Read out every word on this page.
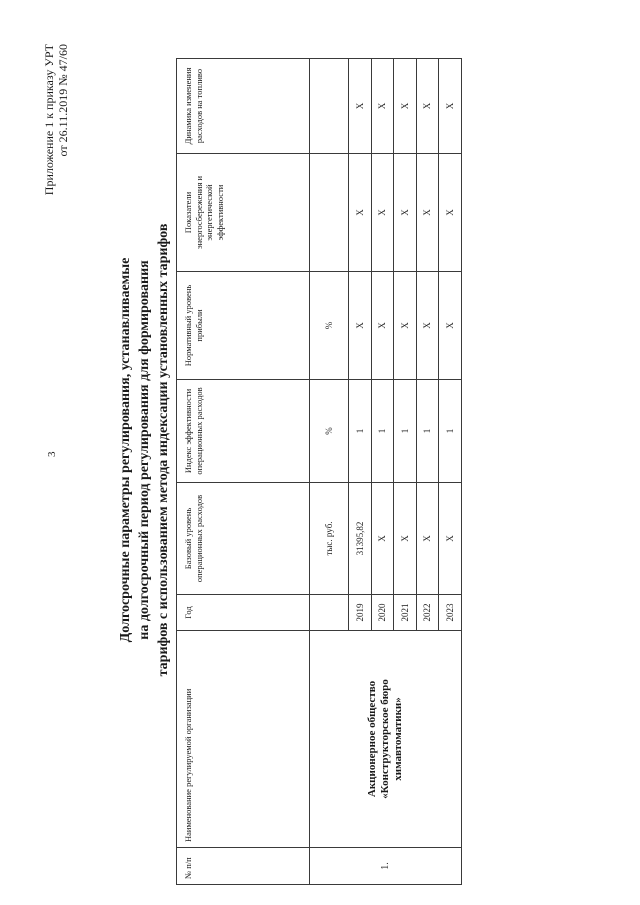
3
Приложение 1 к приказу УРТ от 26.11.2019 № 47/60
Долгосрочные параметры регулирования, устанавливаемые на долгосрочный период регулирования для формирования тарифов с использованием метода индексации установленных тарифов
№ п/п	Наименование регулируемой организации	Год	Базовый уровень операционных расходов	Индекс эффективности операционных расходов	Нормативный уровень прибыли	Показатели энергосбережения и энергетической эффективности	Динамика изменения расходов на топливо
1.	Акционерное общество «Конструкторское бюро химавтоматики»		тыс. руб.	%	%		
		2019	31395,82	1	X	X	X
		2020	X	1	X	X	X
		2021	X	1	X	X	X
		2022	X	1	X	X	X
		2023	X	1	X	X	X
